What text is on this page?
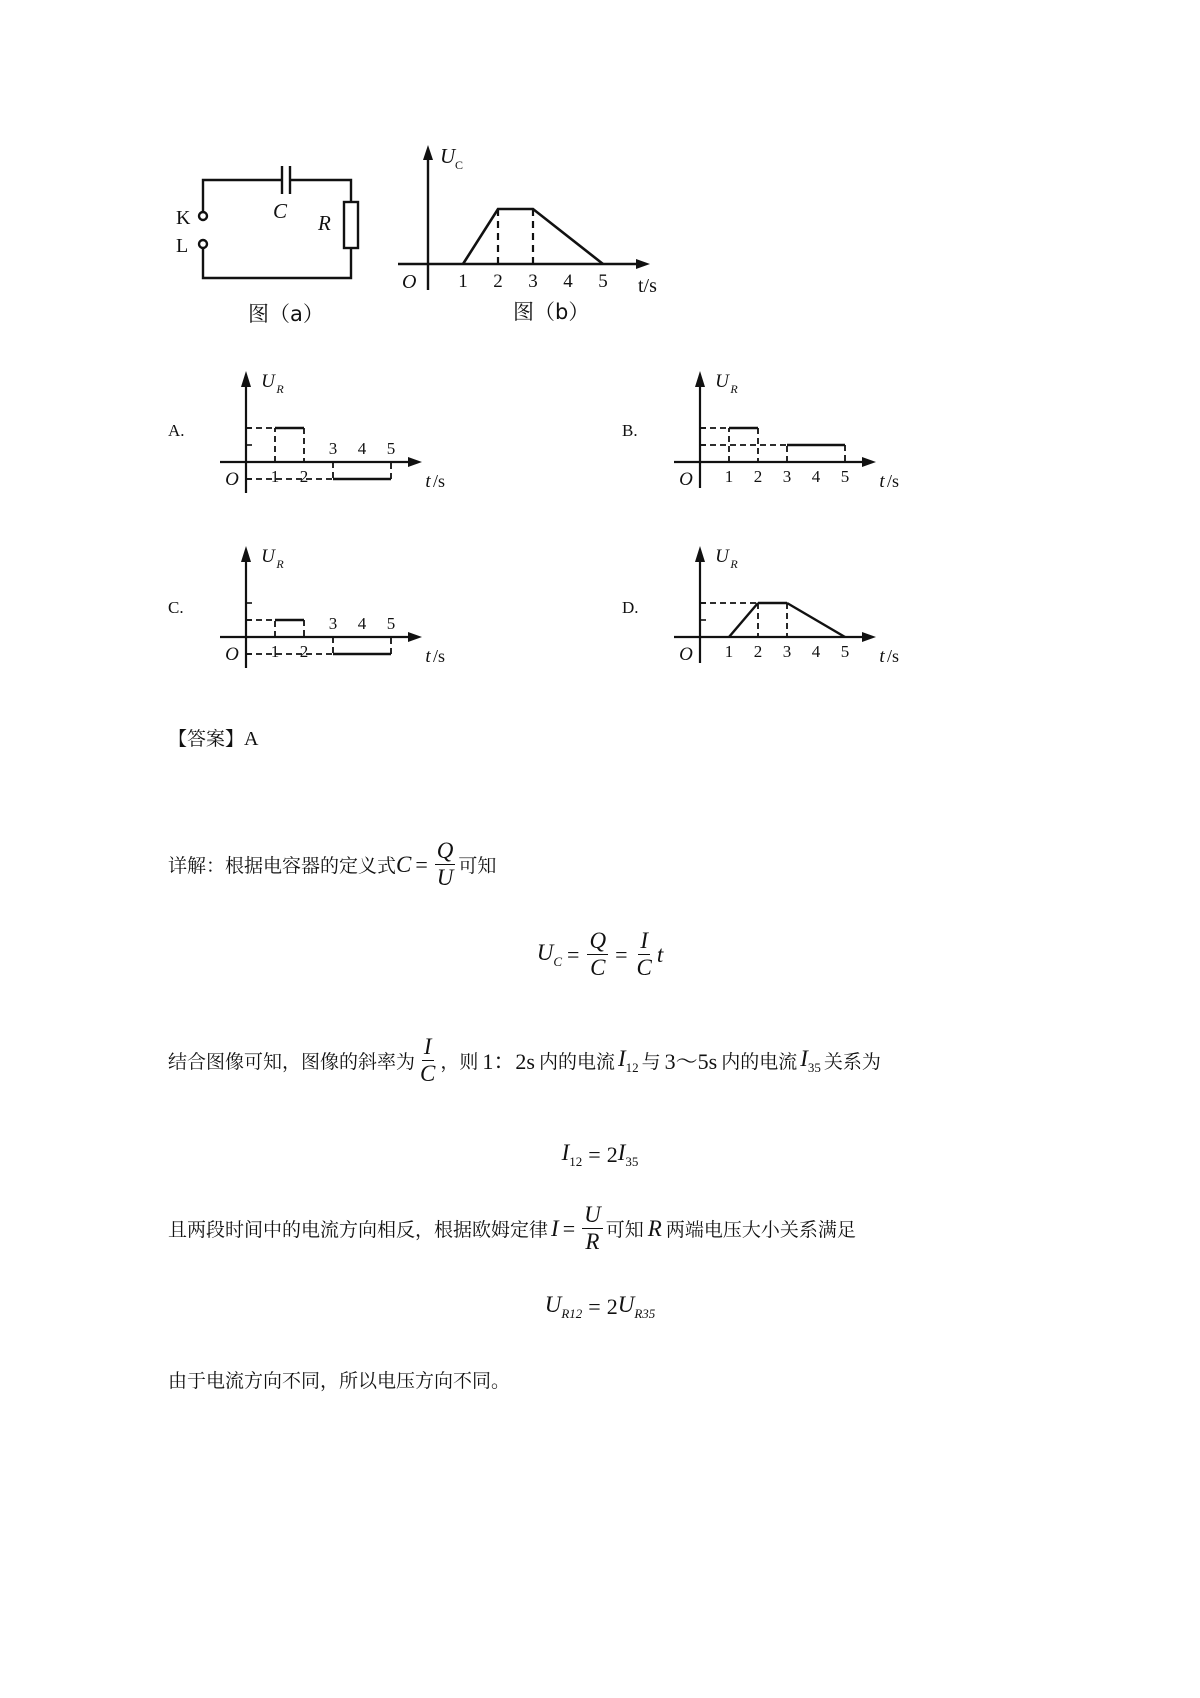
K
L
C R
图（a）
1 2 3 4 5
U C
O	t/s
图（b）
A.	B.
C.	D.
1 2
3 4 5
O	t /s
U R
1 2 3 4 5
O	t /s
U R
1 2
3 4 5
O	t /s
U R
1 2 3 4 5
O	t /s
U R
【答案】A
详解：根据电容器的定义式 $C = \frac{Q}{U}$ 可知
$U_C = \frac{Q}{C} = \frac{I}{C}$ t
结合图像可知，图像的斜率为 $\frac{I}{C}$ ，则 1：2s 内的电流 $I_{12}$ 与 3～5s 内的电流 $I_{35}$ 关系为
$I_{12} = 2$ $I_{35}$
且两段时间中的电流方向相反，根据欧姆定律 $I = \frac{U}{R}$ 可知 R 两端电压大小关系满足
$U_{R12} = 2$ $U_{R35}$
由于电流方向不同，所以电压方向不同。
